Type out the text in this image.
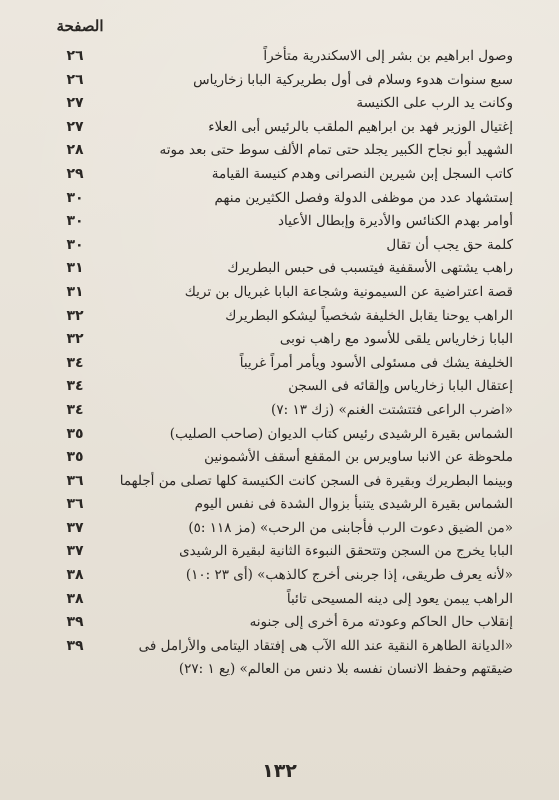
الصفحة
٢٦	وصول ابراهيم بن بشر إلى الاسكندرية متأخراً
٢٦	سبع سنوات هدوء وسلام فى أول بطريركية البابا زخارياس
٢٧	وكانت يد الرب على الكنيسة
٢٧	إغتيال الوزير فهد بن ابراهيم الملقب بالرئيس أبى العلاء
٢٨	الشهيد أبو نجاح الكبير يجلد حتى تمام الألف سوط حتى بعد موته
٢٩	كاتب السجل إبن شيرين النصرانى وهدم كنيسة القيامة
٣٠	إستشهاد عدد من موظفى الدولة وفصل الكثيرين منهم
٣٠	أوامر بهدم الكنائس والأديرة وإبطال الأعياد
٣٠	كلمة حق يجب أن تقال
٣١	راهب يشتهى الأسقفية فيتسبب فى حبس البطريرك
٣١	قصة اعتراضية عن السيمونية وشجاعة البابا غبريال بن تريك
٣٢	الراهب يوحنا يقابل الخليفة شخصياً ليشكو البطريرك
٣٢	البابا زخارياس يلقى للأسود مع راهب نوبى
٣٤	الخليفة يشك فى مسئولى الأسود ويأمر أمراً غريباً
٣٤	إعتقال البابا زخارياس وإلقائه فى السجن
٣٤	«اضرب الراعى فتتشتت الغنم» (زك ١٣ :٧)
٣٥	الشماس بقيرة الرشيدى رئيس كتاب الديوان (صاحب الصليب)
٣٥	ملحوظة عن الانبا ساويرس بن المقفع أسقف الأشمونين
٣٦	وبينما البطريرك وبقيرة فى السجن كانت الكنيسة كلها تصلى من أجلهما
٣٦	الشماس بقيرة الرشيدى يتنبأ بزوال الشدة فى نفس اليوم
٣٧	«من الضيق دعوت الرب فأجابنى من الرحب» (مز ١١٨ :٥)
٣٧	البابا يخرج من السجن وتتحقق النبوءة الثانية لبقيرة الرشيدى
٣٨	«لأنه يعرف طريقى، إذا جربنى أخرج كالذهب» (أى ٢٣ :١٠)
٣٨	الراهب يبمن يعود إلى دينه المسيحى تائباً
٣٩	إنقلاب حال الحاكم وعودته مرة أخرى إلى جنونه
٣٩	«الديانة الطاهرة النقية عند الله الآب هى إفتقاد اليتامى والأرامل فى
ضيقتهم وحفظ الانسان نفسه بلا دنس من العالم» (يع ١ :٢٧)
١٣٢
